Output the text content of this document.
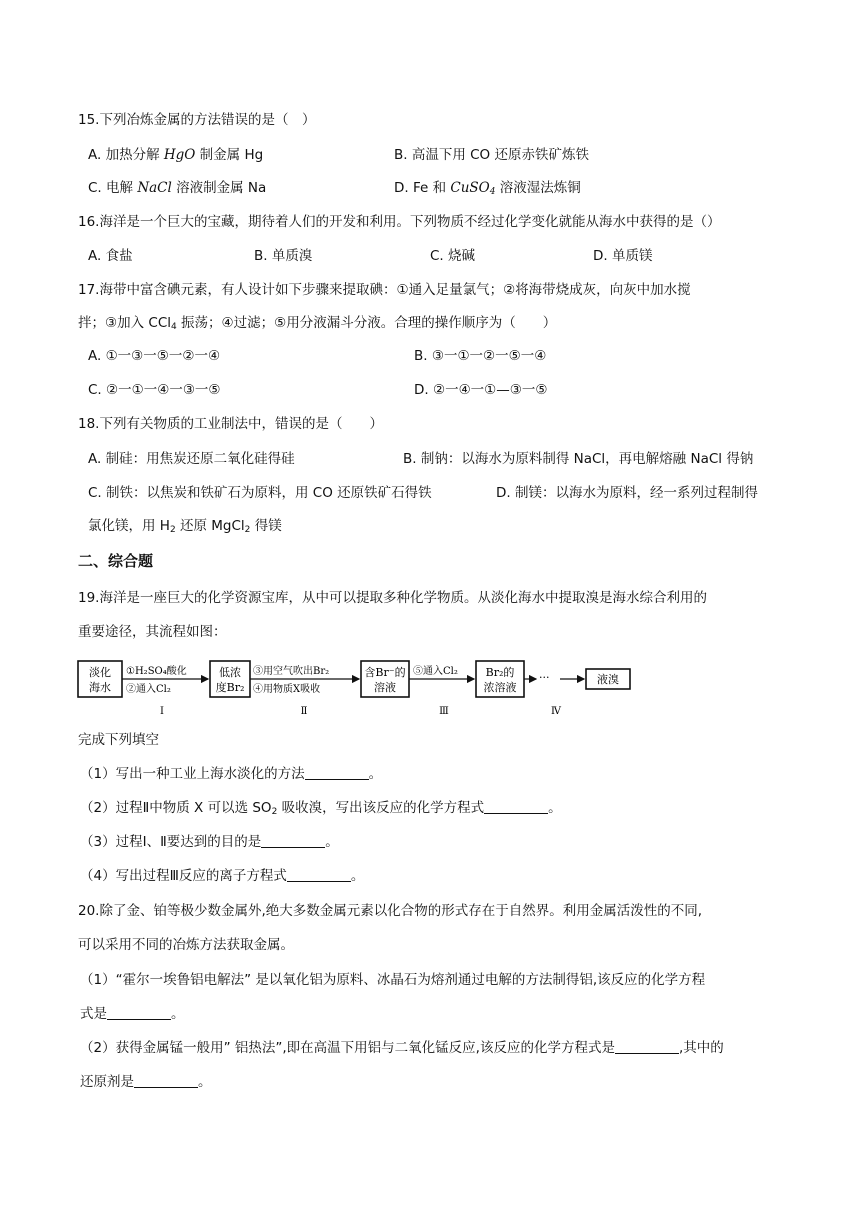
15.下列冶炼金属的方法错误的是（　）
A. 加热分解 HgO 制金属 Hg	B. 高温下用 CO 还原赤铁矿炼铁
C. 电解 NaCl 溶液制金属 Na	D. Fe 和 CuSO$_4$ 溶液湿法炼铜
16.海洋是一个巨大的宝藏，期待着人们的开发和利用。下列物质不经过化学变化就能从海水中获得的是（）
A. 食盐	B. 单质溴	C. 烧碱	D. 单质镁
17.海带中富含碘元素，有人设计如下步骤来提取碘：①通入足量氯气；②将海带烧成灰，向灰中加水搅
拌；③加入 CCl$_4$ 振荡；④过滤；⑤用分液漏斗分液。合理的操作顺序为（　　）
A. ①一③一⑤一②一④	B. ③一①一②一⑤一④
C. ②一①一④一③一⑤	D. ②一④一①—③一⑤
18.下列有关物质的工业制法中，错误的是（　　）
A. 制硅：用焦炭还原二氧化硅得硅	B. 制钠：以海水为原料制得 NaCl，再电解熔融 NaCl 得钠
C. 制铁：以焦炭和铁矿石为原料，用 CO 还原铁矿石得铁	D. 制镁：以海水为原料，经一系列过程制得
氯化镁，用 $H_2$ 还原 MgCl$_2$ 得镁
二、综合题
19.海洋是一座巨大的化学资源宝库，从中可以提取多种化学物质。从淡化海水中提取溴是海水综合利用的
重要途径，其流程如图：
淡化
海水
①H₂SO₄酸化
②通入Cl₂
Ⅰ
低浓
度Br₂
③用空气吹出Br₂
④用物质X吸收
Ⅱ
含Br⁻的
溶液
⑤通入Cl₂
Ⅲ
Br₂的
浓溶液
···
Ⅳ
液溴
完成下列填空
（1）写出一种工业上海水淡化的方法	。
（2）过程Ⅱ中物质 X 可以选 $SO_2$ 吸收溴，写出该反应的化学方程式	。
（3）过程Ⅰ、Ⅱ要达到的目的是	。
（4）写出过程Ⅲ反应的离子方程式	。
20.除了金、铂等极少数金属外,绝大多数金属元素以化合物的形式存在于自然界。利用金属活泼性的不同,
可以采用不同的冶炼方法获取金属。
（1）“霍尔一埃鲁铝电解法” 是以氧化铝为原料、冰晶石为熔剂通过电解的方法制得铝,该反应的化学方程
式是	。
（2）获得金属锰一般用” 铝热法”,即在高温下用铝与二氧化锰反应,该反应的化学方程式是	,其中的
还原剂是	。
